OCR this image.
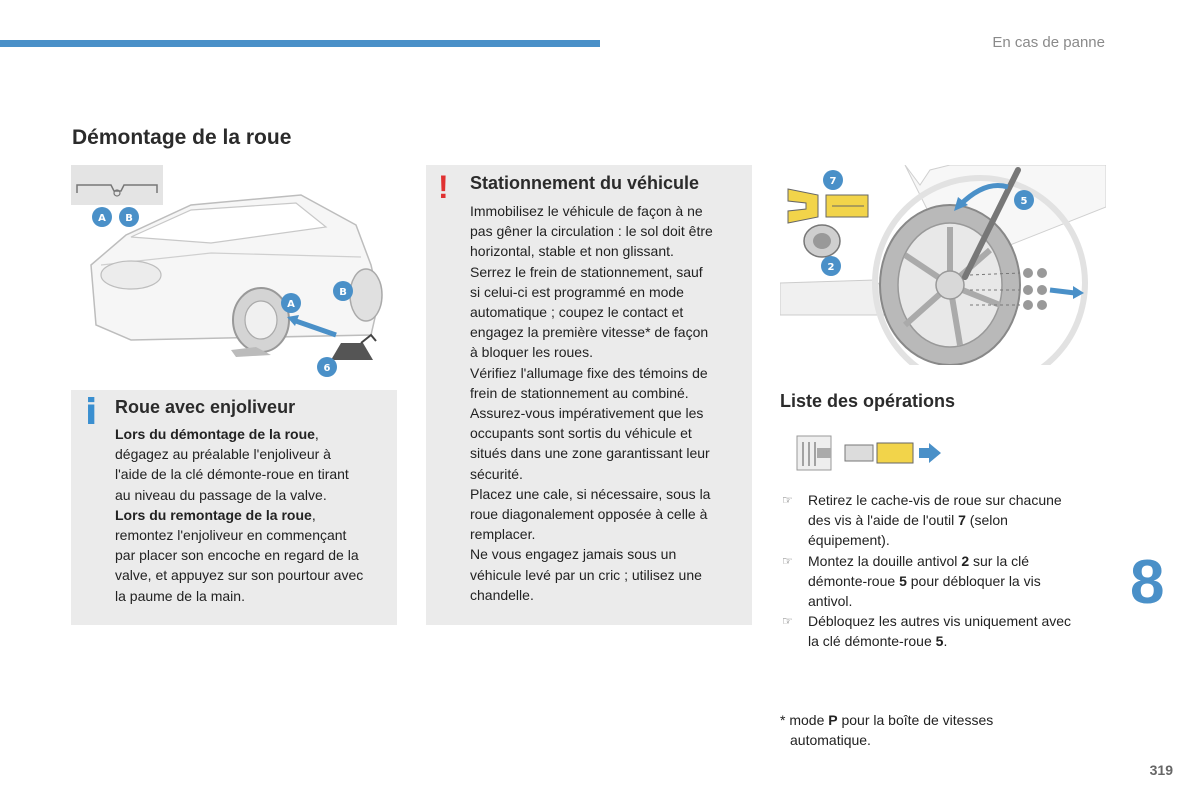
En cas de panne
Démontage de la roue
A B
A
B
6
7
5
2
i Roue avec enjoliveur

Lors du démontage de la roue,

dégagez au préalable l'enjoliveur à

l'aide de la clé démonte-roue en tirant

au niveau du passage de la valve.

Lors du remontage de la roue,

remontez l'enjoliveur en commençant

par placer son encoche en regard de la

valve, et appuyez sur son pourtour avec

la paume de la main.

! Stationnement du véhicule

Immobilisez le véhicule de façon à ne

pas gêner la circulation : le sol doit être

horizontal, stable et non glissant.

Serrez le frein de stationnement, sauf

si celui-ci est programmé en mode

automatique ; coupez le contact et

engagez la première vitesse* de façon

à bloquer les roues.

Vérifiez l'allumage fixe des témoins de

frein de stationnement au combiné.

Assurez-vous impérativement que les

occupants sont sortis du véhicule et

situés dans une zone garantissant leur

sécurité.

Placez une cale, si nécessaire, sous la

roue diagonalement opposée à celle à

remplacer.

Ne vous engagez jamais sous un

véhicule levé par un cric ; utilisez une

chandelle.

Liste des opérations
☞ Retirez le cache-vis de roue sur chacune
des vis à l'aide de l'outil 7 (selon
équipement).
☞ Montez la douille antivol 2 sur la clé
démonte-roue 5 pour débloquer la vis
antivol.
☞ Débloquez les autres vis uniquement avec
la clé démonte-roue 5.
* mode P pour la boîte de vitesses
automatique.
8
319
